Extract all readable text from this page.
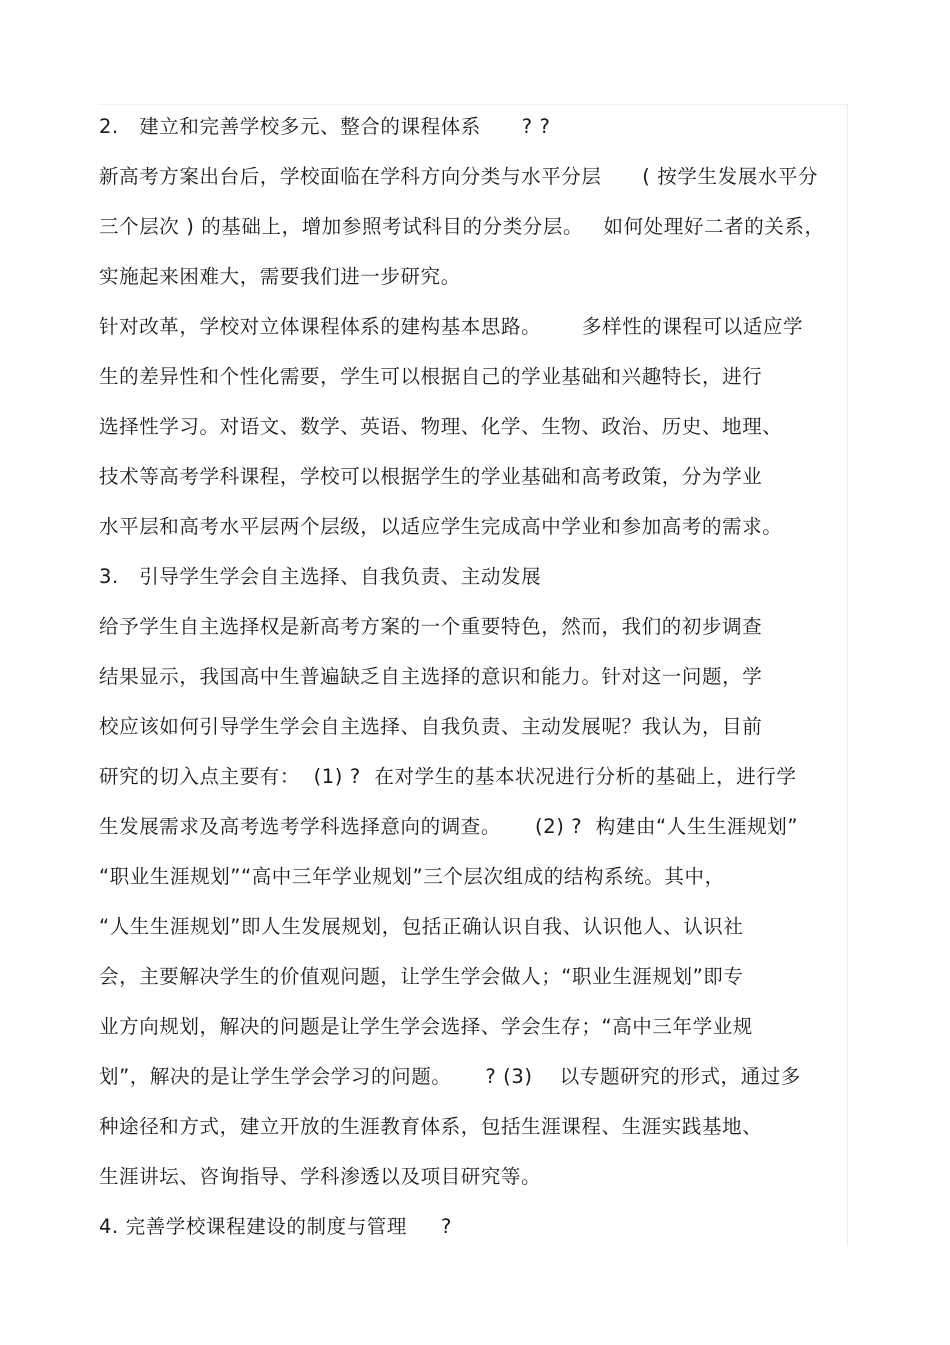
2.   建立和完善学校多元、整合的课程体系      ? ?

新高考方案出台后，学校面临在学科方向分类与水平分层      ( 按学生发展水平分

三个层次 ) 的基础上，增加参照考试科目的分类分层。   如何处理好二者的关系，

实施起来困难大，需要我们进一步研究。

针对改革，学校对立体课程体系的建构基本思路。      多样性的课程可以适应学

生的差异性和个性化需要，学生可以根据自己的学业基础和兴趣特长，进行

选择性学习。对语文、数学、英语、物理、化学、生物、政治、历史、地理、

技术等高考学科课程，学校可以根据学生的学业基础和高考政策，分为学业

水平层和高考水平层两个层级，以适应学生完成高中学业和参加高考的需求。

3.   引导学生学会自主选择、自我负责、主动发展

给予学生自主选择权是新高考方案的一个重要特色，然而，我们的初步调查

结果显示，我国高中生普遍缺乏自主选择的意识和能力。针对这一问题，学

校应该如何引导学生学会自主选择、自我负责、主动发展呢？我认为，目前

研究的切入点主要有：  (1) ?  在对学生的基本状况进行分析的基础上，进行学

生发展需求及高考选考学科选择意向的调查。     (2) ?  构建由“人生生涯规划”

“职业生涯规划”“高中三年学业规划”三个层次组成的结构系统。其中，

“人生生涯规划”即人生发展规划，包括正确认识自我、认识他人、认识社

会，主要解决学生的价值观问题，让学生学会做人；“职业生涯规划”即专

业方向规划，解决的问题是让学生学会选择、学会生存；“高中三年学业规

划”，解决的是让学生学会学习的问题。     ? (3)    以专题研究的形式，通过多

种途径和方式，建立开放的生涯教育体系，包括生涯课程、生涯实践基地、

生涯讲坛、咨询指导、学科渗透以及项目研究等。

4. 完善学校课程建设的制度与管理     ?
